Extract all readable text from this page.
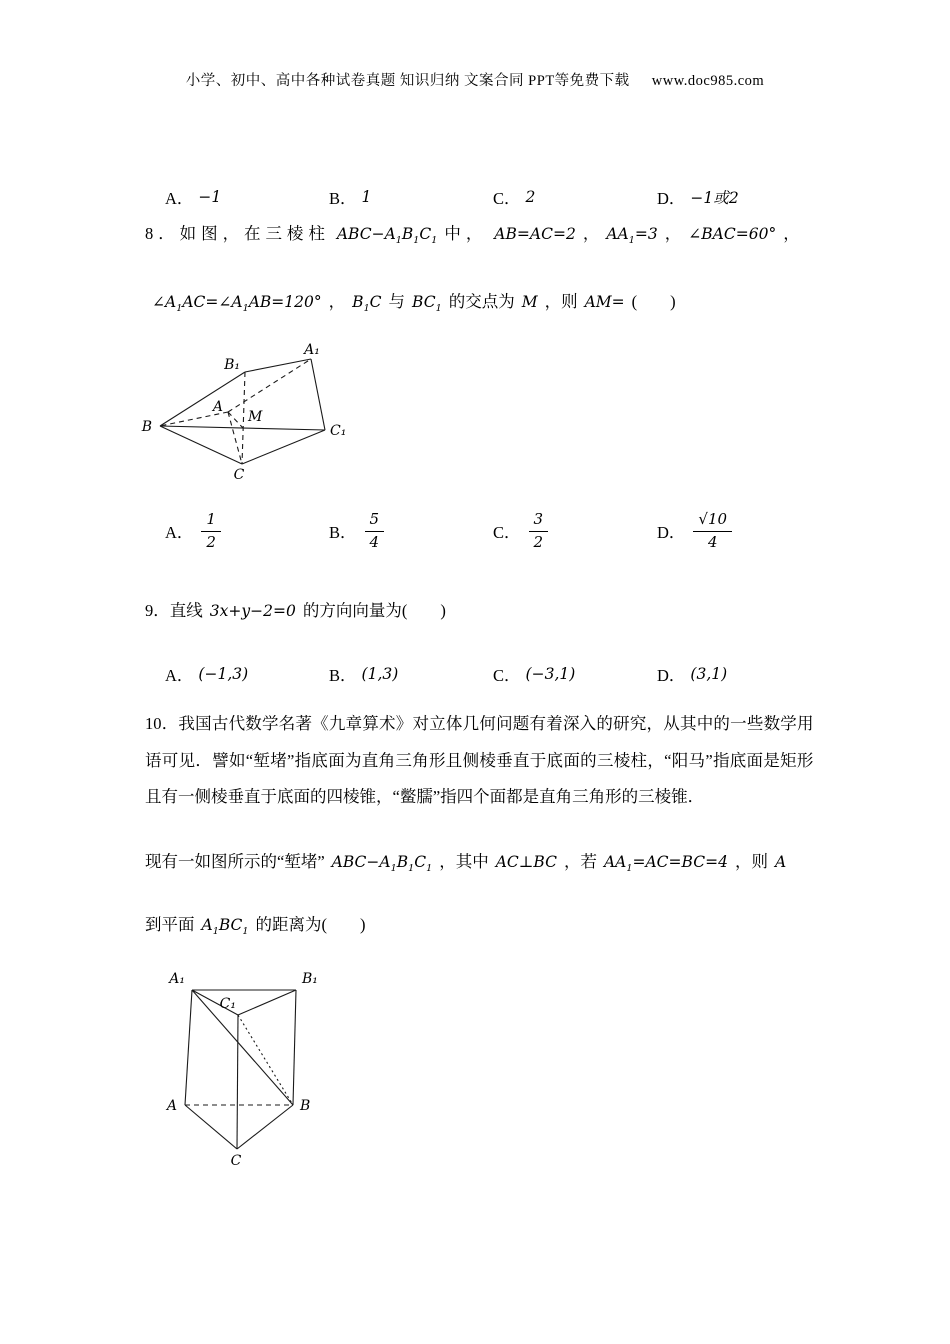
小学、初中、高中各种试卷真题 知识归纳 文案合同 PPT等免费下载 www.doc985.com
A． −1	B． 1	C． 2	D． −1或2
8．如图，在三棱柱 $ABC-A_1B_1C_1$ 中， AB=AC=2 ， $AA_1=3$ ， ∠BAC=60° ，
$\angle A_1AC=\angle A_1AB=120^\circ$ ， $B_1C$ 与 $BC_1$ 的交点为 M ，则 AM= (　　 )
B₁
A₁
A
M
B	C₁
C
A． $\frac{1}{2}$	B． $\frac{5}{4}$	C． $\frac{3}{2}$	D． $\frac{√10}{4}$
9．直线 3x+y−2=0 的方向向量为(　　 )
A． (−1,3)	B． (1,3)	C． (−3,1)	D． (3,1)
10．我国古代数学名著《九章算术》对立体几何问题有着深入的研究，从其中的一些数学用语可见．譬如“堑堵”指底面为直角三角形且侧棱垂直于底面的三棱柱，“阳马”指底面是矩形且有一侧棱垂直于底面的四棱锥，“鳖臑”指四个面都是直角三角形的三棱锥．
现有一如图所示的“堑堵” $ABC-A_1B_1C_1$ ，其中 AC⊥BC ，若 $AA_1=AC=BC=4$ ，则 A
到平面 $A_1BC_1$ 的距离为(　　 )
A₁	B₁
C₁
A	B
C
